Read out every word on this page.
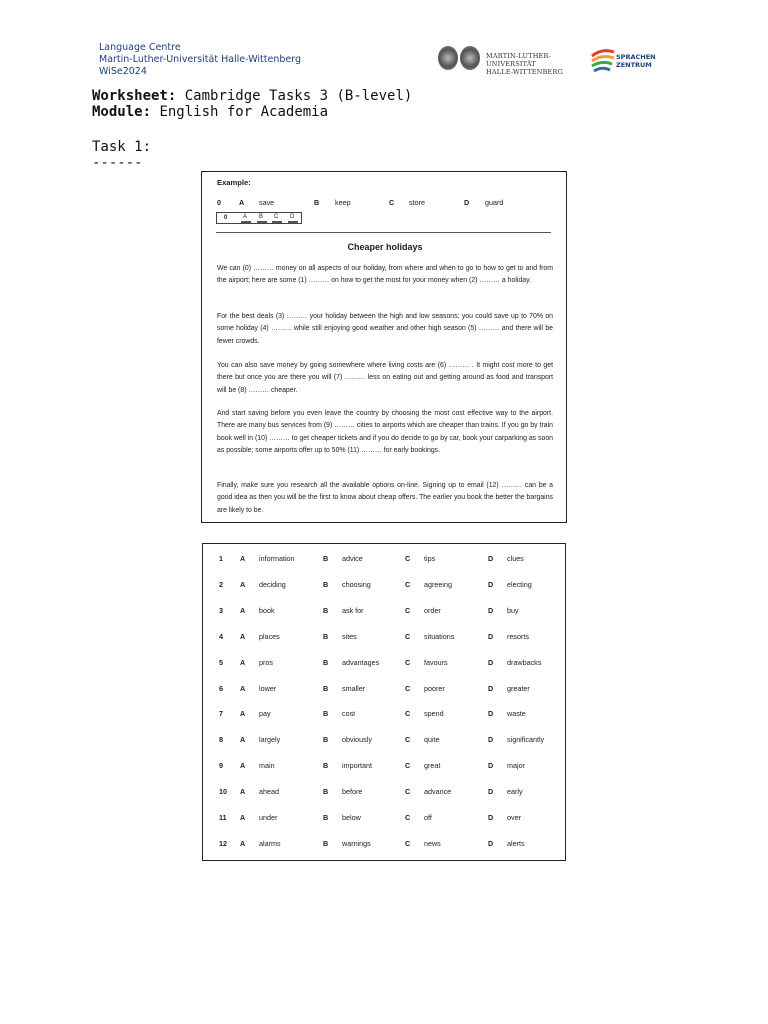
Language Centre
Martin-Luther-Universität Halle-Wittenberg
WiSe2024
MARTIN-LUTHER-UNIVERSITÄT
HALLE-WITTENBERG
SPRACHEN
ZENTRUM
Worksheet: Cambridge Tasks 3 (B-level)
Module: English for Academia
Task 1:
------
Example:
0	A save	B keep	C store	D guard
0	A B C D
Cheaper holidays

We can (0) ……… money on all aspects of our holiday, from where and when to go to how to get to and from the airport; here are some (1) ……… on how to get the most for your money when (2) ……… a holiday.

For the best deals (3) ……… your holiday between the high and low seasons; you could save up to 70% on some holiday (4) ……… while still enjoying good weather and other high season (5) ……… and there will be fewer crowds.

You can also save money by going somewhere where living costs are (6) ……… . It might cost more to get there but once you are there you will (7) ……… less on eating out and getting around as food and transport will be (8) ……… cheaper.

And start saving before you even leave the country by choosing the most cost effective way to the airport. There are many bus services from (9) ……… cities to airports which are cheaper than trains. If you go by train book well in (10) ……… to get cheaper tickets and if you do decide to go by car, book your carparking as soon as possible; some airports offer up to 50% (11) ……… for early bookings.

Finally, make sure you research all the available options on-line. Signing up to email (12) ……… can be a good idea as then you will be the first to know about cheap offers. The earlier you book the better the bargains are likely to be.

1 A information	B advice	C tips	D clues
2 A deciding	B choosing	C agreeing	D electing
3 A book	B ask for	C order	D buy
4 A places	B sites	C situations	D resorts
5 A pros	B advantages	C favours	D drawbacks
6 A lower	B smaller	C poorer	D greater
7 A pay	B cost	C spend	D waste
8 A largely	B obviously	C quite	D significantly
9 A main	B important	C great	D major
10 A ahead	B before	C advance	D early
11 A under	B below	C off	D over
12 A alarms	B warnings	C news	D alerts
